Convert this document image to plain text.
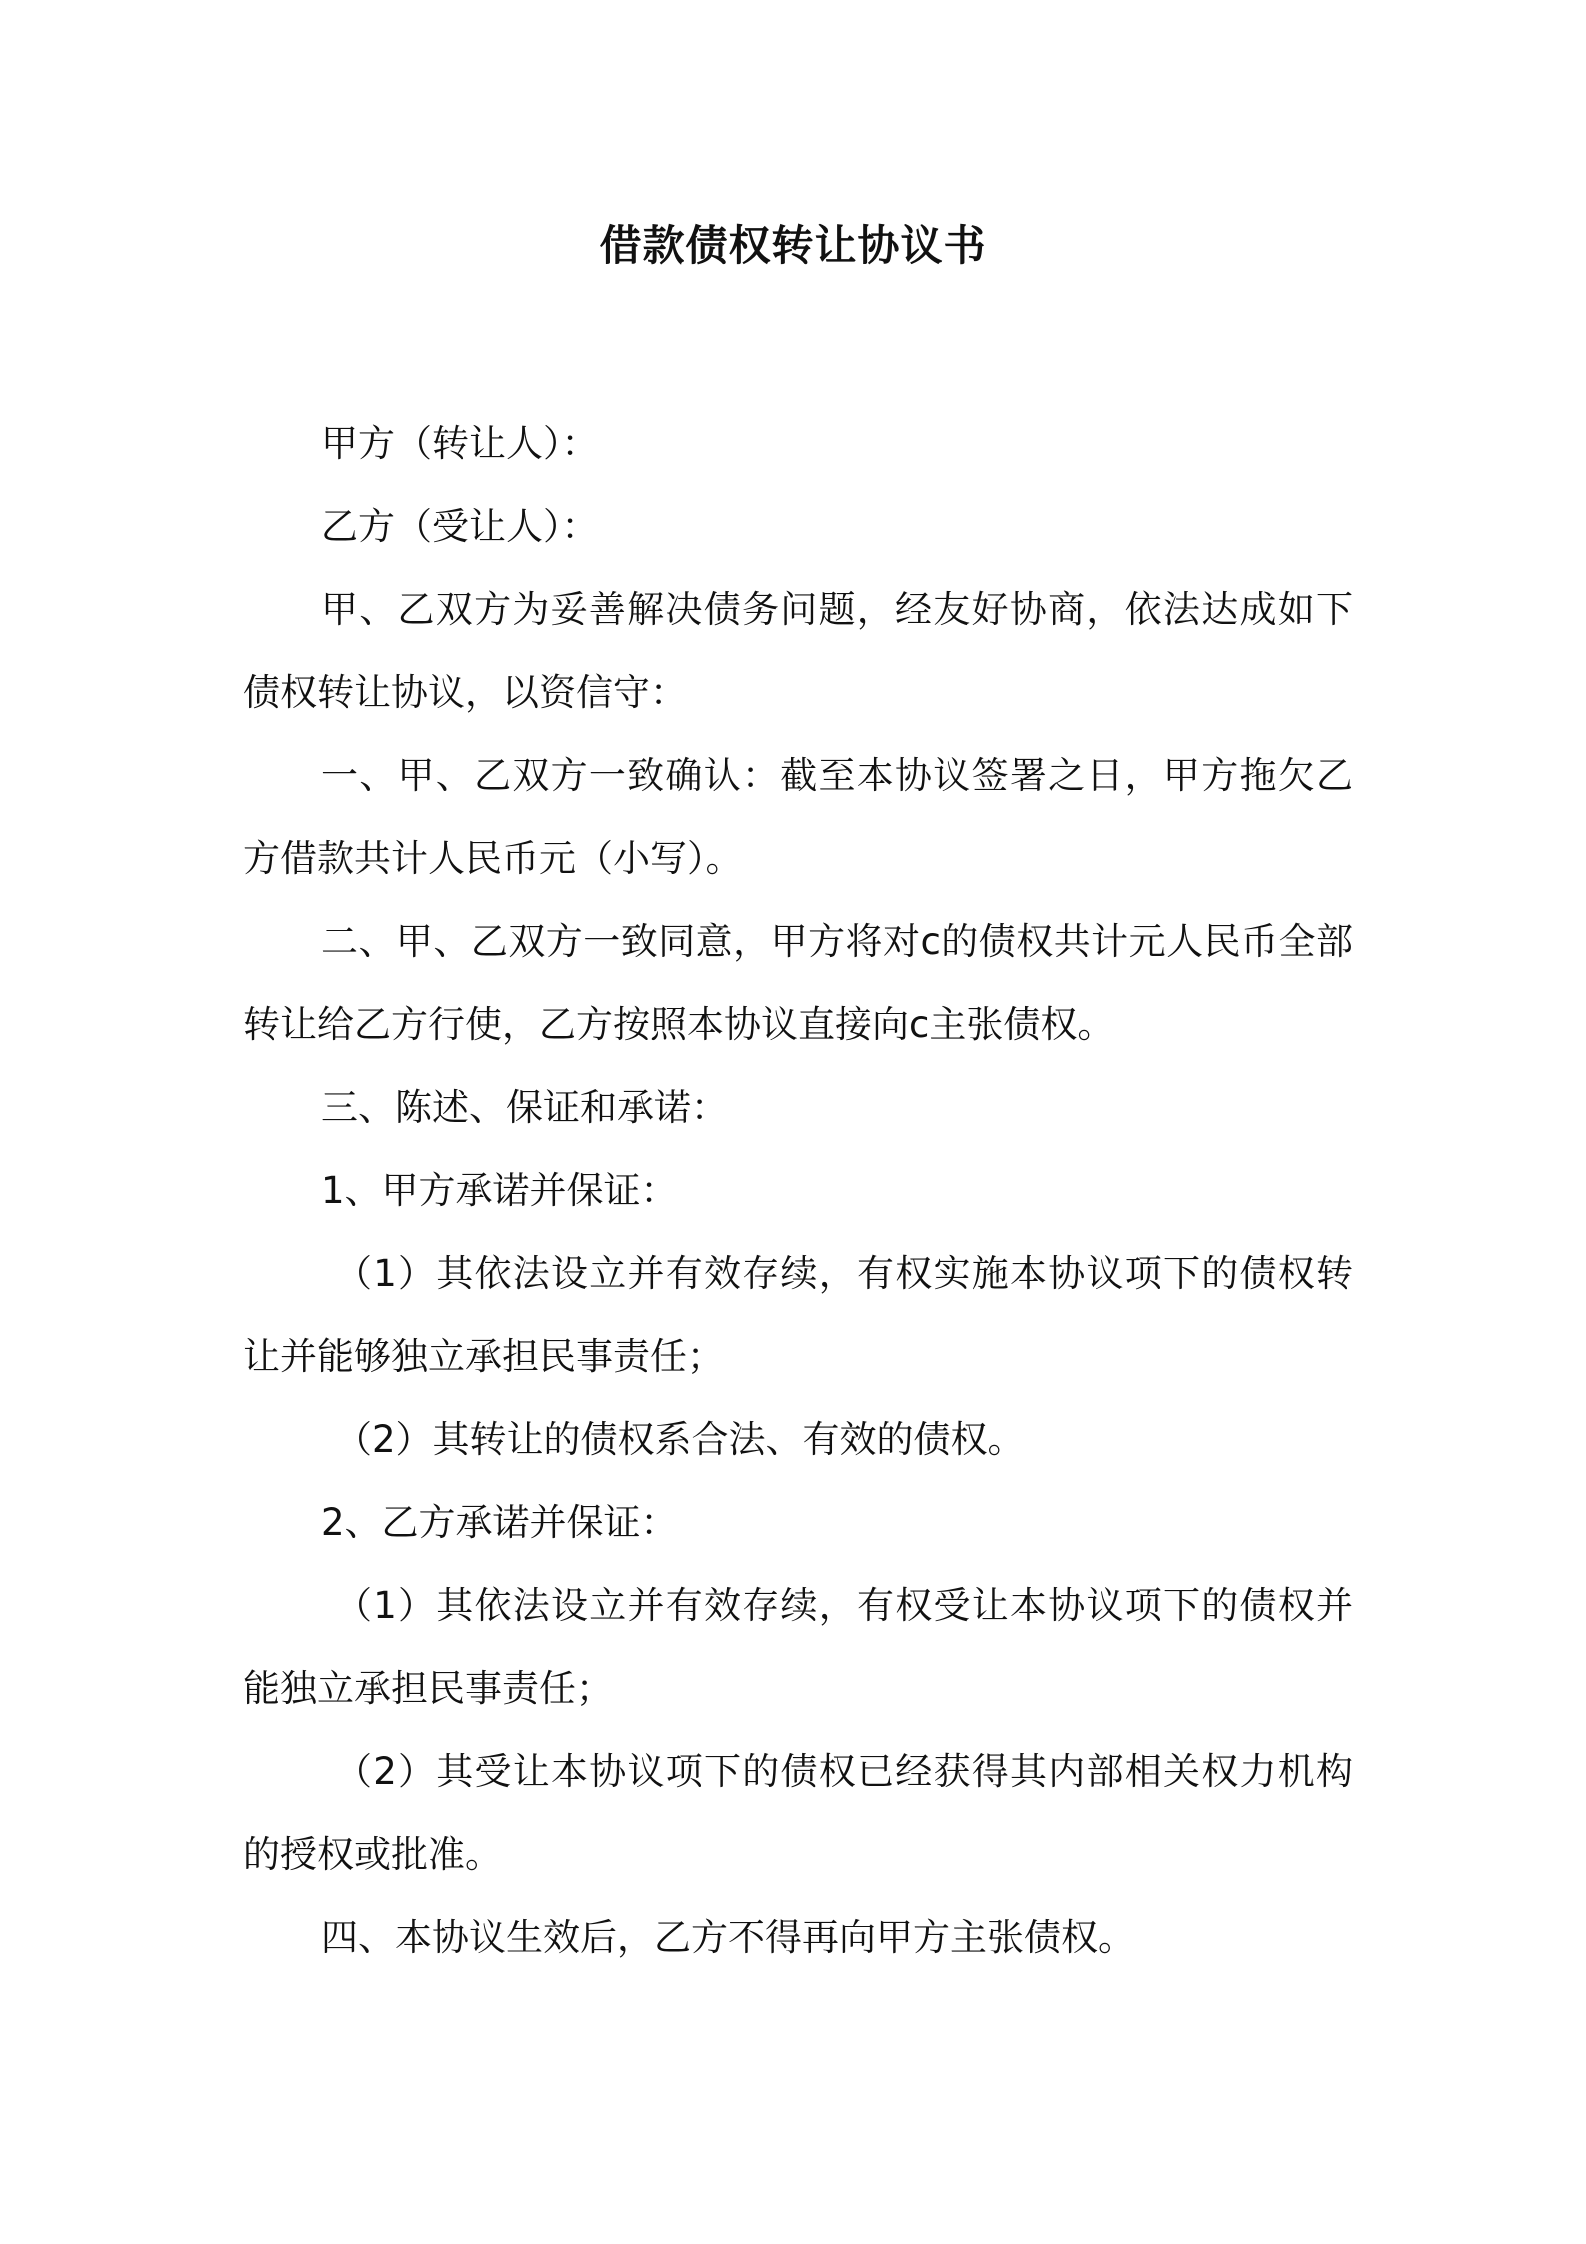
借款债权转让协议书

甲方（转让人）：

乙方（受让人）：

甲、乙双方为妥善解决债务问题，经友好协商，依法达成如下债权转让协议，以资信守：

一、甲、乙双方一致确认：截至本协议签署之日，甲方拖欠乙方借款共计人民币元（小写）。

二、甲、乙双方一致同意，甲方将对c的债权共计元人民币全部转让给乙方行使，乙方按照本协议直接向c主张债权。

三、陈述、保证和承诺：

1、甲方承诺并保证：

（1）其依法设立并有效存续，有权实施本协议项下的债权转让并能够独立承担民事责任；

（2）其转让的债权系合法、有效的债权。

2、乙方承诺并保证：

（1）其依法设立并有效存续，有权受让本协议项下的债权并能独立承担民事责任；

（2）其受让本协议项下的债权已经获得其内部相关权力机构的授权或批准。

四、本协议生效后，乙方不得再向甲方主张债权。
